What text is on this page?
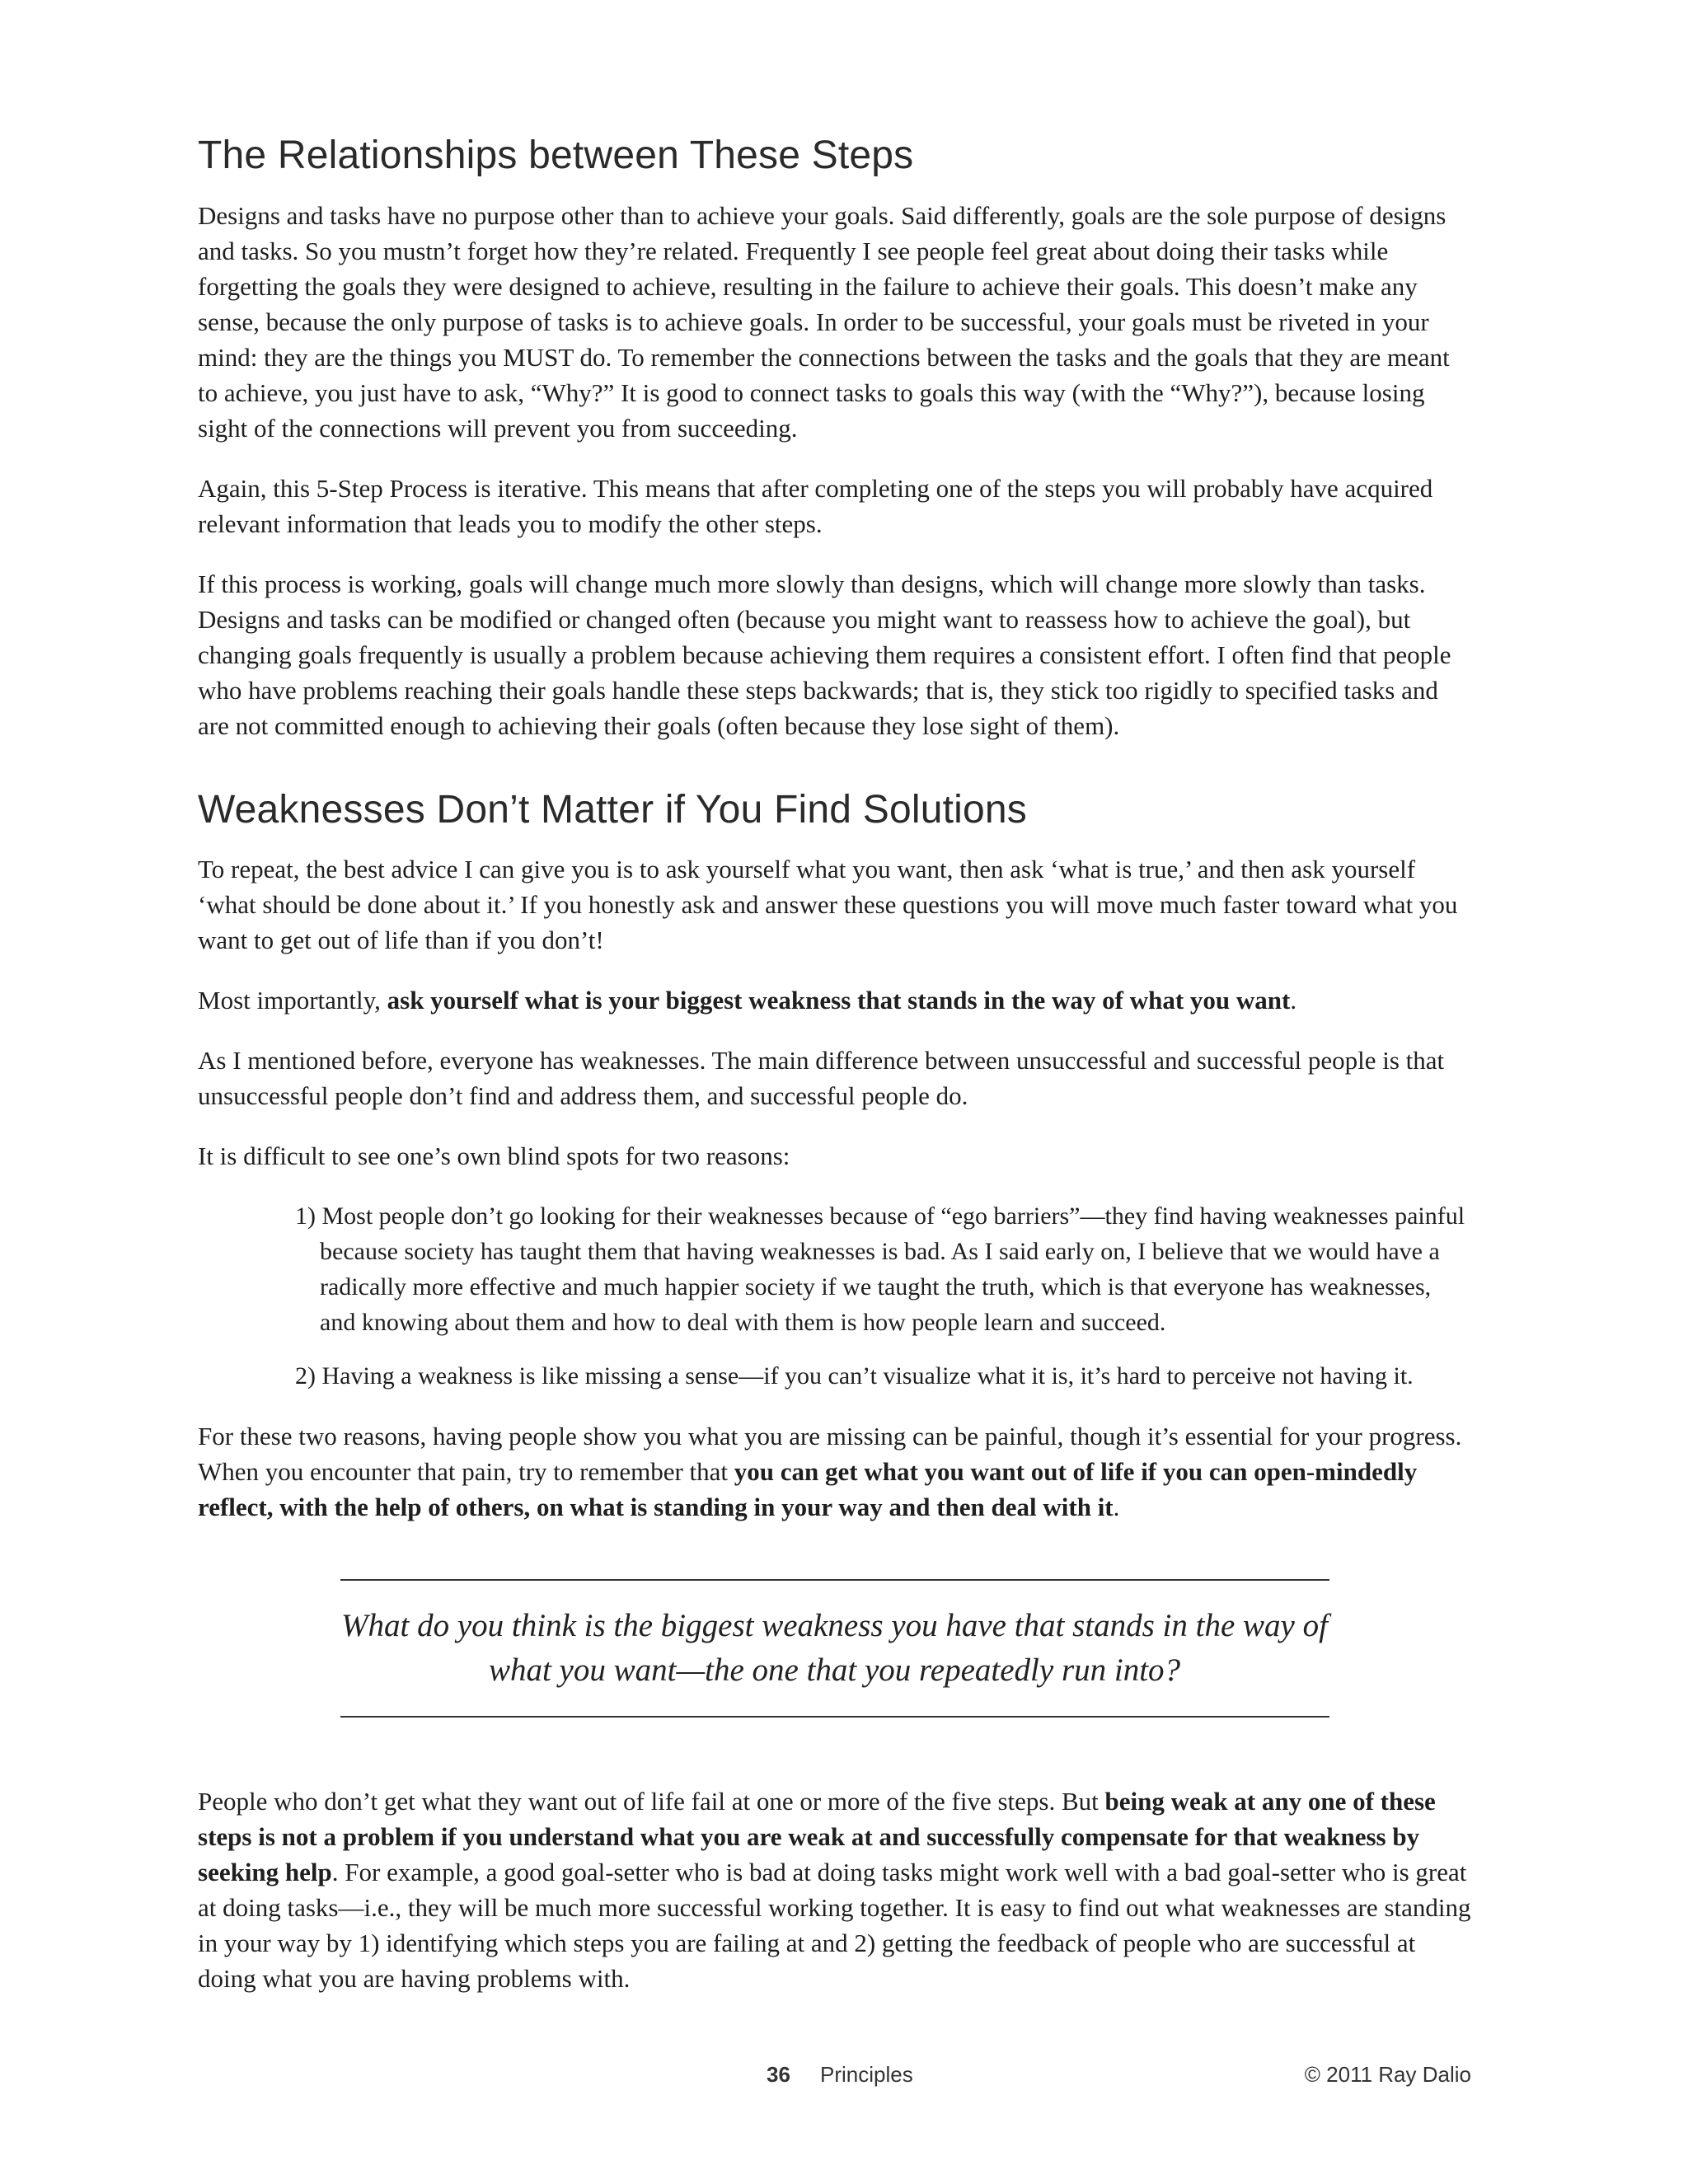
The Relationships between These Steps

Designs and tasks have no purpose other than to achieve your goals. Said differently, goals are the sole purpose of designs and tasks. So you mustn’t forget how they’re related. Frequently I see people feel great about doing their tasks while forgetting the goals they were designed to achieve, resulting in the failure to achieve their goals. This doesn’t make any sense, because the only purpose of tasks is to achieve goals. In order to be successful, your goals must be riveted in your mind: they are the things you MUST do. To remember the connections between the tasks and the goals that they are meant to achieve, you just have to ask, “Why?” It is good to connect tasks to goals this way (with the “Why?”), because losing sight of the connections will prevent you from succeeding.

Again, this 5-Step Process is iterative. This means that after completing one of the steps you will probably have acquired relevant information that leads you to modify the other steps.

If this process is working, goals will change much more slowly than designs, which will change more slowly than tasks. Designs and tasks can be modified or changed often (because you might want to reassess how to achieve the goal), but changing goals frequently is usually a problem because achieving them requires a consistent effort. I often find that people who have problems reaching their goals handle these steps backwards; that is, they stick too rigidly to specified tasks and are not committed enough to achieving their goals (often because they lose sight of them).

Weaknesses Don’t Matter if You Find Solutions

To repeat, the best advice I can give you is to ask yourself what you want, then ask ‘what is true,’ and then ask yourself ‘what should be done about it.’ If you honestly ask and answer these questions you will move much faster toward what you want to get out of life than if you don’t!

Most importantly, ask yourself what is your biggest weakness that stands in the way of what you want.

As I mentioned before, everyone has weaknesses. The main difference between unsuccessful and successful people is that unsuccessful people don’t find and address them, and successful people do.

It is difficult to see one’s own blind spots for two reasons:

1) Most people don’t go looking for their weaknesses because of “ego barriers”—they find having weaknesses painful because society has taught them that having weaknesses is bad. As I said early on, I believe that we would have a radically more effective and much happier society if we taught the truth, which is that everyone has weaknesses, and knowing about them and how to deal with them is how people learn and succeed.
2) Having a weakness is like missing a sense—if you can’t visualize what it is, it’s hard to perceive not having it.

For these two reasons, having people show you what you are missing can be painful, though it’s essential for your progress. When you encounter that pain, try to remember that you can get what you want out of life if you can open-mindedly reflect, with the help of others, on what is standing in your way and then deal with it.

What do you think is the biggest weakness you have that stands in the way of what you want—the one that you repeatedly run into?

People who don’t get what they want out of life fail at one or more of the five steps. But being weak at any one of these steps is not a problem if you understand what you are weak at and successfully compensate for that weakness by seeking help. For example, a good goal-setter who is bad at doing tasks might work well with a bad goal-setter who is great at doing tasks—i.e., they will be much more successful working together. It is easy to find out what weaknesses are standing in your way by 1) identifying which steps you are failing at and 2) getting the feedback of people who are successful at doing what you are having problems with.

36 Principles	© 2011 Ray Dalio
